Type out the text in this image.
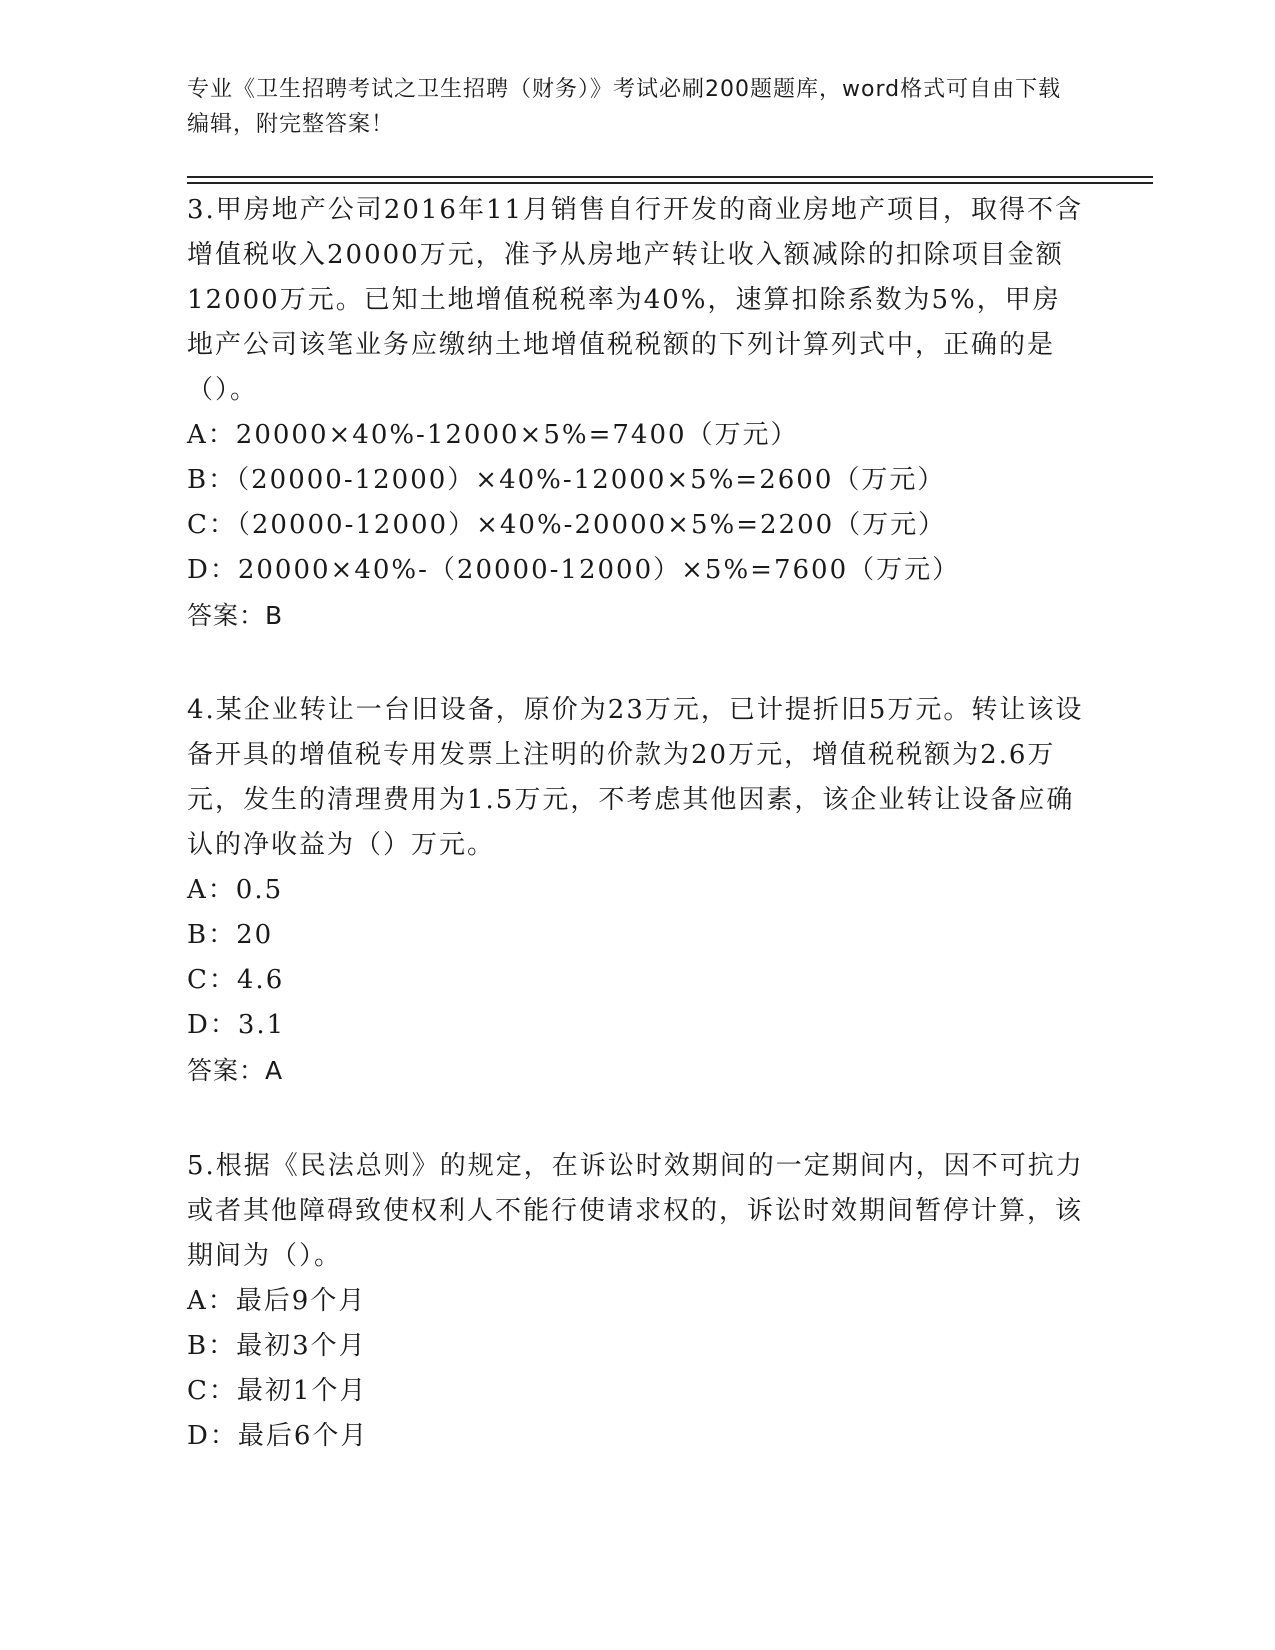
专业《卫生招聘考试之卫生招聘（财务）》考试必刷200题题库，word格式可自由下载编辑，附完整答案！

3.甲房地产公司2016年11月销售自行开发的商业房地产项目，取得不含增值税收入20000万元，准予从房地产转让收入额减除的扣除项目金额12000万元。已知土地增值税税率为40%，速算扣除系数为5%，甲房地产公司该笔业务应缴纳土地增值税税额的下列计算列式中，正确的是（）。

A：20000×40%-12000×5%=7400（万元）

B：（20000-12000）×40%-12000×5%=2600（万元）

C：（20000-12000）×40%-20000×5%=2200（万元）

D：20000×40%-（20000-12000）×5%=7600（万元）

答案：B

4.某企业转让一台旧设备，原价为23万元，已计提折旧5万元。转让该设备开具的增值税专用发票上注明的价款为20万元，增值税税额为2.6万元，发生的清理费用为1.5万元，不考虑其他因素，该企业转让设备应确认的净收益为（）万元。

A：0.5

B：20

C：4.6

D：3.1

答案：A

5.根据《民法总则》的规定，在诉讼时效期间的一定期间内，因不可抗力或者其他障碍致使权利人不能行使请求权的，诉讼时效期间暂停计算，该期间为（）。

A：最后9个月

B：最初3个月

C：最初1个月

D：最后6个月
